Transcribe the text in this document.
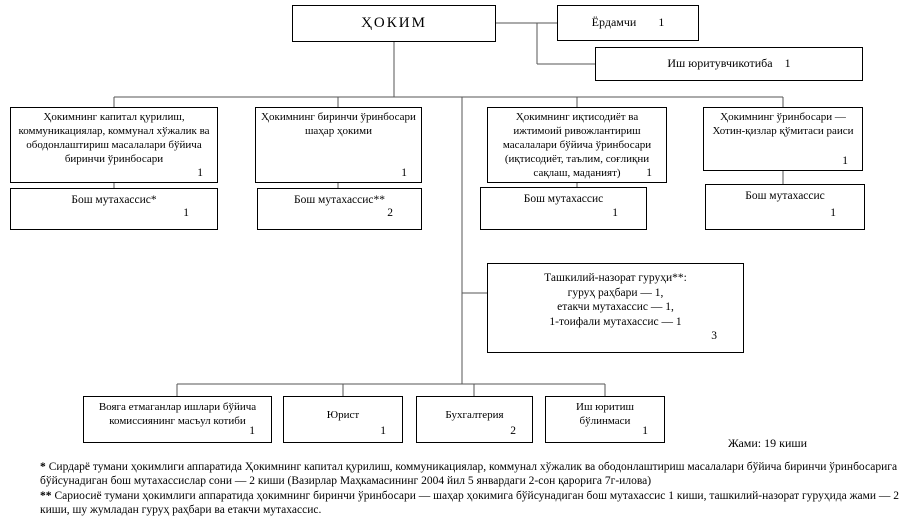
ҲОКИМ	Ёрдамчи 1
Иш юритувчикотиба 1
Ҳокимнинг капитал қурилиш, коммуникациялар, коммунал хўжалик ва ободонлаштириш масалалари бўйича биринчи ўринбосари
1
Ҳокимнинг биринчи ўринбосари шаҳар ҳокими
1
Ҳокимнинг иқтисодиёт ва ижтимоий ривожлантириш масалалари бўйича ўринбосари (иқтисодиёт, таълим, соғлиқни сақлаш, маданият)	1
Ҳокимнинг ўринбосари — Хотин-қизлар қўмитаси раиси
1
Бош мутахассис*
1
Бош мутахассис**
2
Бош мутахассис
1
Бош мутахассис
1
Ташкилий-назорат гуруҳи**:
гуруҳ раҳбари — 1,
етакчи мутахассис — 1,
1-тоифали мутахассис — 1
3
Вояга етмаганлар ишлари бўйича комиссиянинг масъул котиби
1
Юрист
1
Бухгалтерия
2
Иш юритиш бўлинмаси
1
Жами: 19 киши

* Сирдарё тумани ҳокимлиги аппаратида Ҳокимнинг капитал қурилиш, коммуникациялар, коммунал хўжалик ва ободонлаштириш масалалари бўйича биринчи ўринбосарига бўйсунадиган бош мутахассислар сони — 2 киши (Вазирлар Маҳкамасининг 2004 йил 5 январдаги 2-сон қарорига 7г-илова)

** Сариосиё тумани ҳокимлиги аппаратида ҳокимнинг биринчи ўринбосари — шаҳар ҳокимига бўйсунадиган бош мутахассис 1 киши, ташкилий-назорат гуруҳида жами — 2 киши, шу жумладан гуруҳ раҳбари ва етакчи мутахассис.
